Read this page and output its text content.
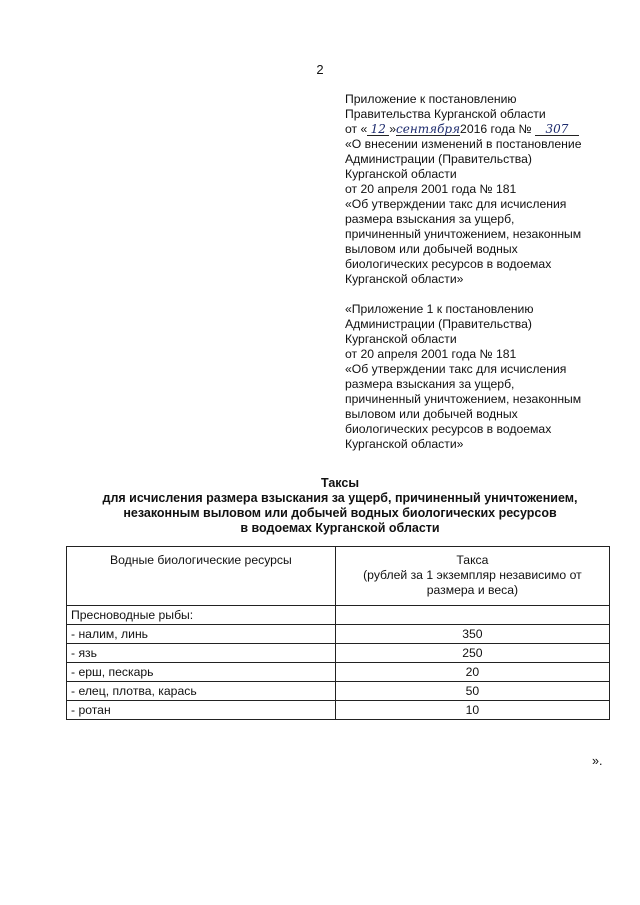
2
Приложение к постановлению
Правительства Курганской области
от « 12 »сентября2016 года № 307
«О внесении изменений в постановление
Администрации (Правительства)
Курганской области
от 20 апреля 2001 года № 181
«Об утверждении такс для исчисления
размера взыскания за ущерб,
причиненный уничтожением, незаконным
выловом или добычей водных
биологических ресурсов в водоемах
Курганской области»
«Приложение 1 к постановлению
Администрации (Правительства)
Курганской области
от 20 апреля 2001 года № 181
«Об утверждении такс для исчисления
размера взыскания за ущерб,
причиненный уничтожением, незаконным
выловом или добычей водных
биологических ресурсов в водоемах
Курганской области»
Таксы
для исчисления размера взыскания за ущерб, причиненный уничтожением,
незаконным выловом или добычей водных биологических ресурсов
в водоемах Курганской области
Водные биологические ресурсы	Такса
(рублей за 1 экземпляр независимо от
размера и веса)
Пресноводные рыбы:	
- налим, линь	350
- язь	250
- ерш, пескарь	20
- елец, плотва, карась	50
- ротан	10
».
